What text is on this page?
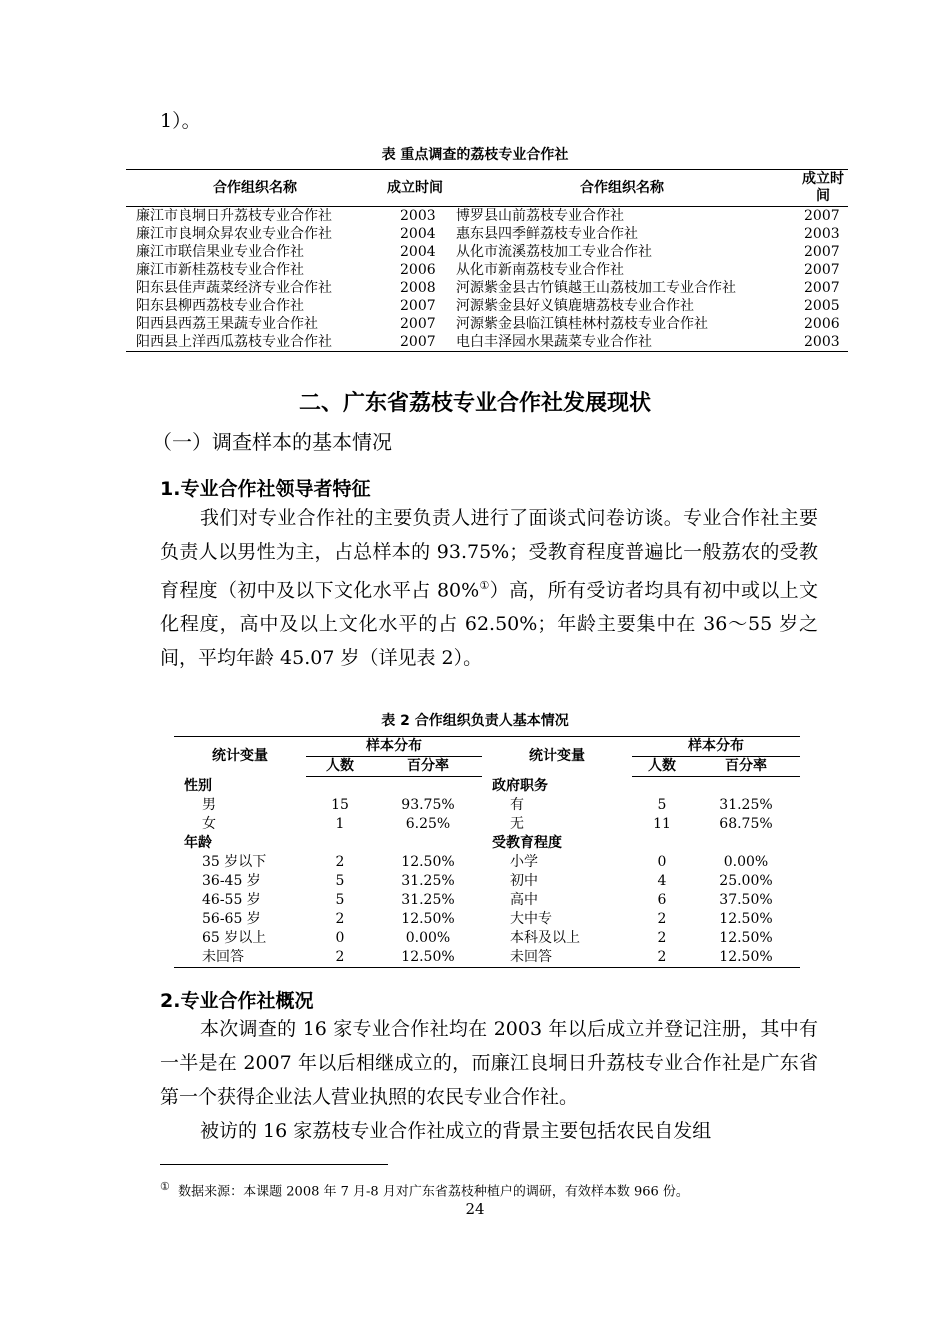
1）。
表 重点调查的荔枝专业合作社
合作组织名称	成立时间	合作组织名称	成立时间
廉江市良垌日升荔枝专业合作社	2003	博罗县山前荔枝专业合作社	2007
廉江市良垌众昇农业专业合作社	2004	惠东县四季鲜荔枝专业合作社	2003
廉江市联信果业专业合作社	2004	从化市流溪荔枝加工专业合作社	2007
廉江市新桂荔枝专业合作社	2006	从化市新南荔枝专业合作社	2007
阳东县佳声蔬菜经济专业合作社	2008	河源紫金县古竹镇越王山荔枝加工专业合作社	2007
阳东县柳西荔枝专业合作社	2007	河源紫金县好义镇鹿塘荔枝专业合作社	2005
阳西县西荔王果蔬专业合作社	2007	河源紫金县临江镇桂林村荔枝专业合作社	2006
阳西县上洋西瓜荔枝专业合作社	2007	电白丰泽园水果蔬菜专业合作社	2003
二、广东省荔枝专业合作社发展现状
（一）调查样本的基本情况
1.专业合作社领导者特征

我们对专业合作社的主要负责人进行了面谈式问卷访谈。专业合作社主要负责人以男性为主，占总样本的 93.75%；受教育程度普遍比一般荔农的受教育程度（初中及以下文化水平占 80%①）高，所有受访者均具有初中或以上文化程度，高中及以上文化水平的占 62.50%；年龄主要集中在 36～55 岁之间，平均年龄 45.07 岁（详见表 2）。

表 2 合作组织负责人基本情况
统计变量	样本分布		统计变量	样本分布	
	人数	百分率		人数	百分率
性别			政府职务		
男	15	93.75%	有	5	31.25%
女	1	6.25%	无	11	68.75%
年龄			受教育程度		
35 岁以下	2	12.50%	小学	0	0.00%
36-45 岁	5	31.25%	初中	4	25.00%
46-55 岁	5	31.25%	高中	6	37.50%
56-65 岁	2	12.50%	大中专	2	12.50%
65 岁以上	0	0.00%	本科及以上	2	12.50%
未回答	2	12.50%	未回答	2	12.50%
2.专业合作社概况

本次调查的 16 家专业合作社均在 2003 年以后成立并登记注册，其中有一半是在 2007 年以后相继成立的，而廉江良垌日升荔枝专业合作社是广东省第一个获得企业法人营业执照的农民专业合作社。

被访的 16 家荔枝专业合作社成立的背景主要包括农民自发组

① 数据来源：本课题 2008 年 7 月-8 月对广东省荔枝种植户的调研，有效样本数 966 份。
24
